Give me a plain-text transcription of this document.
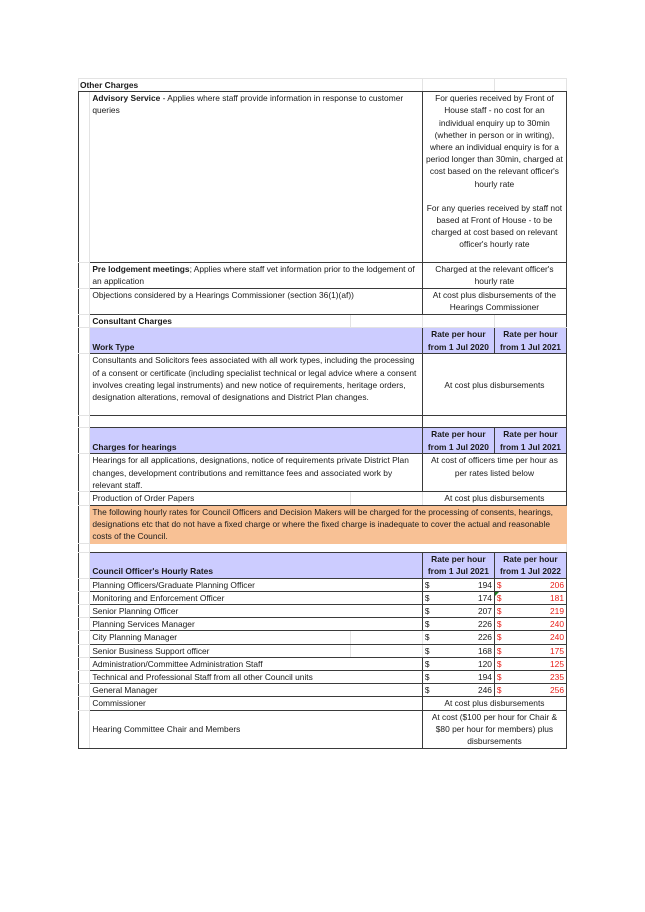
Other Charges				
	Advisory Service - Applies where staff provide information in response to customer queries		For queries received by Front of House staff - no cost for an individual enquiry up to 30min (whether in person or in writing), where an individual enquiry is for a period longer than 30min, charged at cost based on the relevant officer's hourly rate
For any queries received by staff not based at Front of House - to be charged at cost based on relevant officer's hourly rate	

	Pre lodgement meetings; Applies where staff vet information prior to the lodgement of an application		Charged at the relevant officer's hourly rate	
	Objections considered by a Hearings Commissioner (section 36(1)(af))		At cost plus disbursements of the Hearings Commissioner	
	Consultant Charges			
	Work Type		Rate per hour from 1 Jul 2020	Rate per hour from 1 Jul 2021
	Consultants and Solicitors fees associated with all work types, including the processing of a consent or certificate (including specialist technical or legal advice where a consent involves creating legal instruments) and new notice of requirements, heritage orders, designation alterations, removal of designations and District Plan changes.		At cost plus disbursements	

	Charges for hearings		Rate per hour from 1 Jul 2020	Rate per hour from 1 Jul 2021
	Hearings for all applications, designations, notice of requirements private District Plan changes, development contributions and remittance fees and associated work by relevant staff.		At cost of officers time per hour as per rates listed below	
	Production of Order Papers		At cost plus disbursements	
	The following hourly rates for Council Officers and Decision Makers will be charged for the processing of consents, hearings, designations etc that do not have a fixed charge or where the fixed charge is inadequate to cover the actual and reasonable costs of the Council.			

	Council Officer's Hourly Rates		Rate per hour from 1 Jul 2021	Rate per hour from 1 Jul 2022
	Planning Officers/Graduate Planning Officer		$ 194	$ 206

	Monitoring and Enforcement Officer		$ 174	$ 181

	Senior Planning Officer		$ 207	$ 219

	Planning Services Manager		$ 226	$ 240

	City Planning Manager		$ 226	$ 240

	Senior Business Support officer		$ 168	$ 175

	Administration/Committee Administration Staff		$ 120	$ 125

	Technical and Professional Staff from all other Council units		$ 194	$ 235

	General Manager		$ 246	$ 256

	Commissioner		At cost plus disbursements	
	Hearing Committee Chair and Members		At cost ($100 per hour for Chair & $80 per hour for members) plus disbursements	
